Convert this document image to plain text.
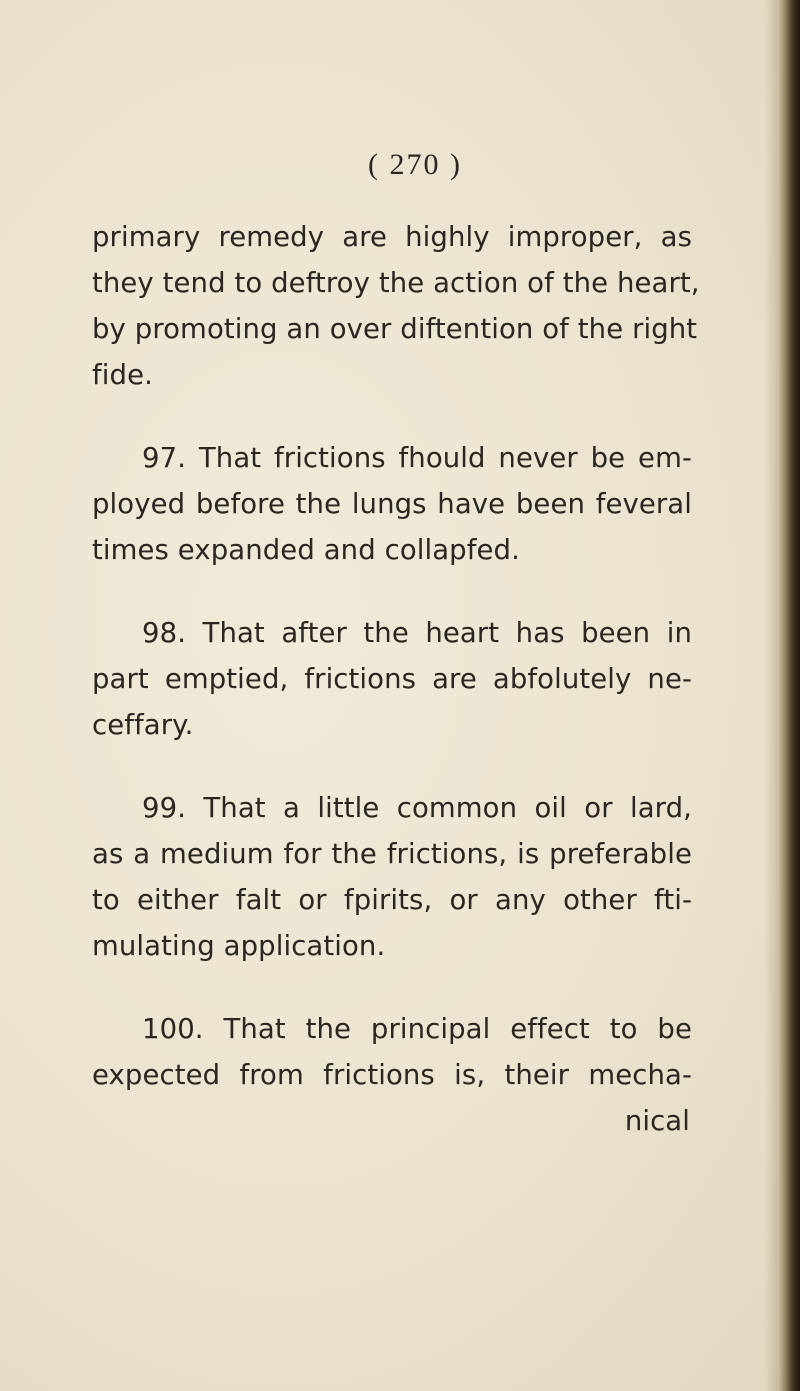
( 270 )

primary remedy are highly improper, as
they tend to deftroy the action of the heart,
by promoting an over diftention of the right
fide.

97. That frictions fhould never be em-
ployed before the lungs have been feveral
times expanded and collapfed.

98. That after the heart has been in
part emptied, frictions are abfolutely ne-
ceffary.

99. That a little common oil or lard,
as a medium for the frictions, is preferable
to either falt or fpirits, or any other fti-
mulating application.

100. That the principal effect to be
expected from frictions is, their mecha-
nical
